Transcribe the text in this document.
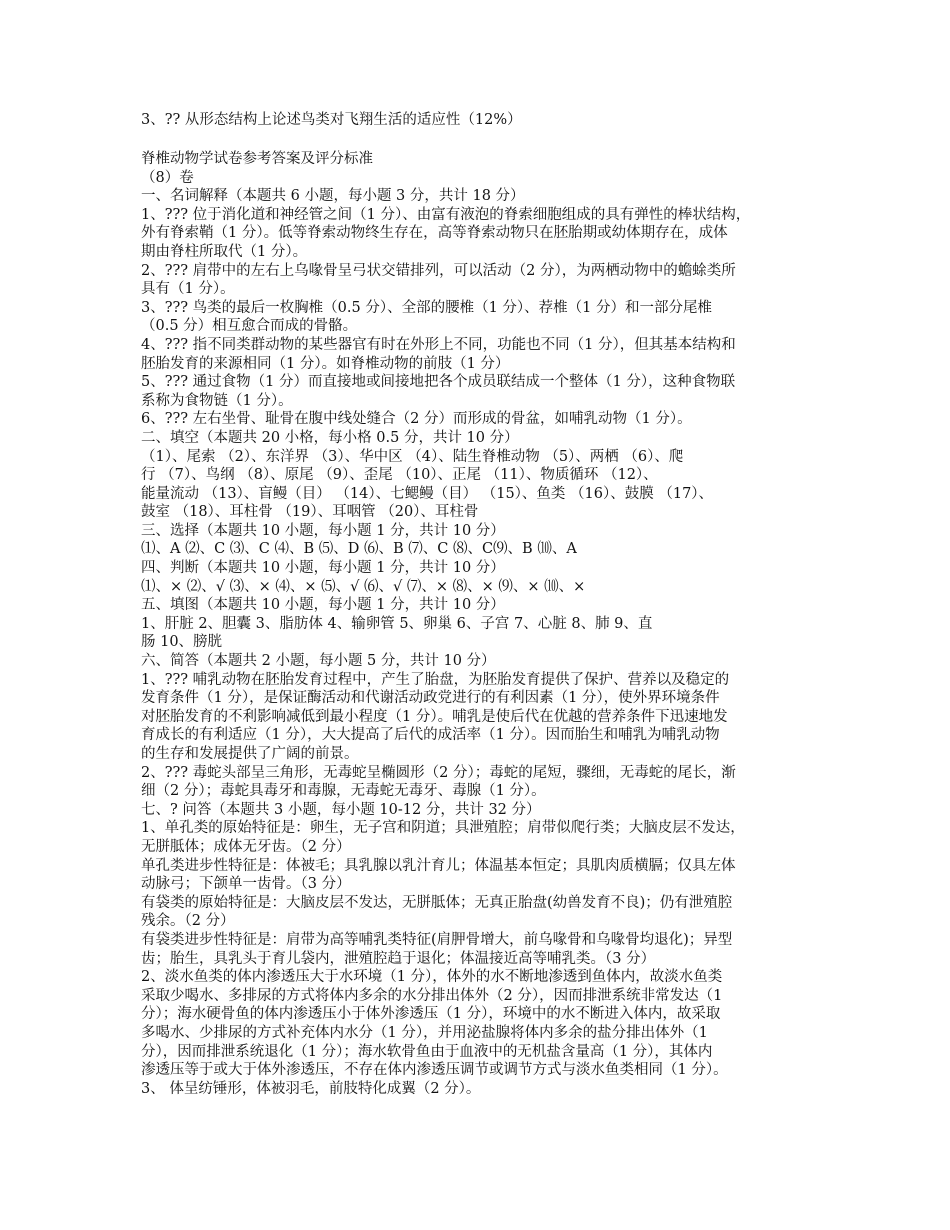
3、?? 从形态结构上论述鸟类对飞翔生活的适应性（12%）
脊椎动物学试卷参考答案及评分标准
（8）卷
一、名词解释（本题共 6 小题，每小题 3 分，共计 18 分）
1、??? 位于消化道和神经管之间（1 分）、由富有液泡的脊索细胞组成的具有弹性的棒状结构，
外有脊索鞘（1 分）。低等脊索动物终生存在，高等脊索动物只在胚胎期或幼体期存在，成体
期由脊柱所取代（1 分）。
2、??? 肩带中的左右上乌喙骨呈弓状交错排列，可以活动（2 分），为两栖动物中的蟾蜍类所
具有（1 分）。
3、??? 鸟类的最后一枚胸椎（0.5 分）、全部的腰椎（1 分）、荐椎（1 分）和一部分尾椎
（0.5 分）相互愈合而成的骨骼。
4、??? 指不同类群动物的某些器官有时在外形上不同，功能也不同（1 分），但其基本结构和
胚胎发育的来源相同（1 分）。如脊椎动物的前肢（1 分）
5、??? 通过食物（1 分）而直接地或间接地把各个成员联结成一个整体（1 分），这种食物联
系称为食物链（1 分）。
6、??? 左右坐骨、耻骨在腹中线处缝合（2 分）而形成的骨盆，如哺乳动物（1 分）。
二、填空（本题共 20 小格，每小格 0.5 分，共计 10 分）
（1）、尾索 （2）、东洋界 （3）、华中区 （4）、陆生脊椎动物 （5）、两栖 （6）、爬
行 （7）、鸟纲 （8）、原尾 （9）、歪尾 （10）、正尾 （11）、物质循环 （12）、
能量流动 （13）、盲鳗（目） （14）、七鳃鳗（目） （15）、鱼类 （16）、鼓膜 （17）、
鼓室 （18）、耳柱骨 （19）、耳咽管 （20）、耳柱骨
三、选择（本题共 10 小题，每小题 1 分，共计 10 分）
⑴、A ⑵、C ⑶、C ⑷、B ⑸、D ⑹、B ⑺、C ⑻、C⑼、B ⑽、A
四、判断（本题共 10 小题，每小题 1 分，共计 10 分）
⑴、× ⑵、√ ⑶、× ⑷、× ⑸、√ ⑹、√ ⑺、× ⑻、× ⑼、× ⑽、×
五、填图（本题共 10 小题，每小题 1 分，共计 10 分）
1、肝脏 2、胆囊 3、脂肪体 4、输卵管 5、卵巢 6、子宫 7、心脏 8、肺 9、直
肠 10、膀胱
六、简答（本题共 2 小题，每小题 5 分，共计 10 分）
1、??? 哺乳动物在胚胎发育过程中，产生了胎盘，为胚胎发育提供了保护、营养以及稳定的
发育条件（1 分），是保证酶活动和代谢活动政党进行的有利因素（1 分），使外界环境条件
对胚胎发育的不利影响减低到最小程度（1 分）。哺乳是使后代在优越的营养条件下迅速地发
育成长的有利适应（1 分），大大提高了后代的成活率（1 分）。因而胎生和哺乳为哺乳动物
的生存和发展提供了广阔的前景。
2、??? 毒蛇头部呈三角形，无毒蛇呈椭圆形（2 分）；毒蛇的尾短，骤细，无毒蛇的尾长，渐
细（2 分）；毒蛇具毒牙和毒腺，无毒蛇无毒牙、毒腺（1 分）。
七、? 问答（本题共 3 小题，每小题 10-12 分，共计 32 分）
1、单孔类的原始特征是：卵生，无子宫和阴道；具泄殖腔；肩带似爬行类；大脑皮层不发达，
无胼胝体；成体无牙齿。（2 分）
单孔类进步性特征是：体被毛；具乳腺以乳汁育儿；体温基本恒定；具肌肉质横膈；仅具左体
动脉弓；下颌单一齿骨。（3 分）
有袋类的原始特征是：大脑皮层不发达，无胼胝体；无真正胎盘(幼兽发育不良)；仍有泄殖腔
残余。（2 分）
有袋类进步性特征是：肩带为高等哺乳类特征(肩胛骨增大，前乌喙骨和乌喙骨均退化)；异型
齿；胎生，具乳头于育儿袋内，泄殖腔趋于退化；体温接近高等哺乳类。（3 分）
2、淡水鱼类的体内渗透压大于水环境（1 分），体外的水不断地渗透到鱼体内，故淡水鱼类
采取少喝水、多排尿的方式将体内多余的水分排出体外（2 分），因而排泄系统非常发达（1
分）；海水硬骨鱼的体内渗透压小于体外渗透压（1 分），环境中的水不断进入体内，故采取
多喝水、少排尿的方式补充体内水分（1 分），并用泌盐腺将体内多余的盐分排出体外（1
分），因而排泄系统退化（1 分）；海水软骨鱼由于血液中的无机盐含量高（1 分），其体内
渗透压等于或大于体外渗透压，不存在体内渗透压调节或调节方式与淡水鱼类相同（1 分）。
3、 体呈纺锤形，体被羽毛，前肢特化成翼（2 分）。
